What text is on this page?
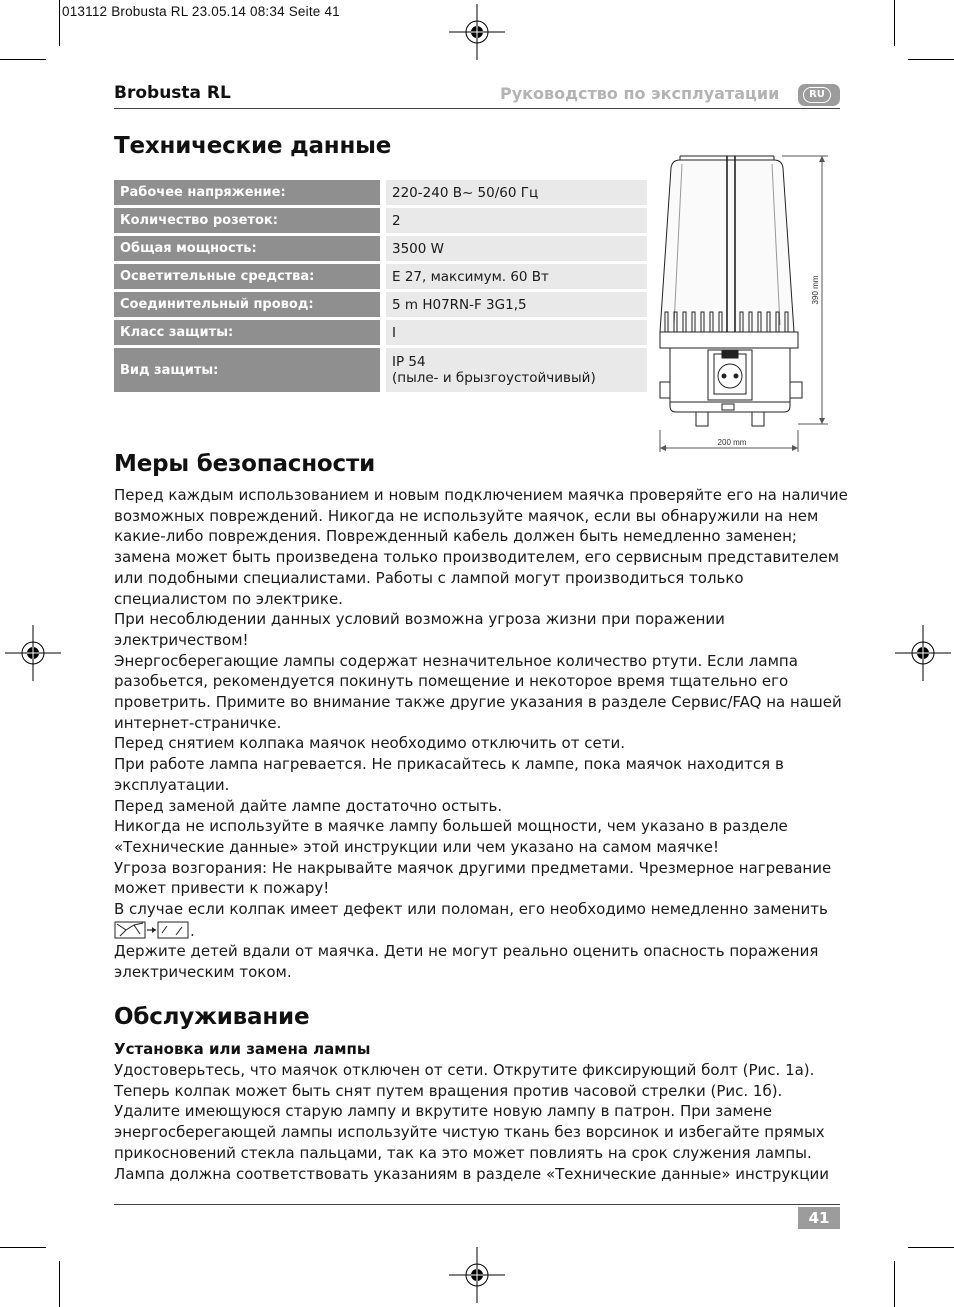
013112 Brobusta RL 23.05.14 08:34 Seite 41
Brobusta RL	Руководство по эксплуатации	RU
Технические данные
Рабочее напряжение:	220-240 В~ 50/60 Гц
Количество розеток:	2
Общая мощность:	3500 W
Осветительные средства:	E 27, максимум. 60 Вт
Соединительный провод:	5 m H07RN-F 3G1,5
Класс защиты:	I
Вид защиты:	IP 54
(пыле- и брызгоустойчивый)
200 mm
390 mm
Меры безопасности

Перед каждым использованием и новым подключением маячка проверяйте его на наличие возможных повреждений. Никогда не используйте маячок, если вы обнаружили на нем какие-либо повреждения. Поврежденный кабель должен быть немедленно заменен; замена может быть произведена только производителем, его сервисным представителем или подобными специалистами. Работы с лампой могут производиться только специалистом по электрике.

При несоблюдении данных условий возможна угроза жизни при поражении электричеством!

Энергосберегающие лампы содержат незначительное количество ртути. Если лампа разобьется, рекомендуется покинуть помещение и некоторое время тщательно его проветрить. Примите во внимание также другие указания в разделе Сервис/FAQ на нашей интернет-страничке.

Перед снятием колпака маячок необходимо отключить от сети.

При работе лампа нагревается. Не прикасайтесь к лампе, пока маячок находится в эксплуатации.

Перед заменой дайте лампе достаточно остыть.

Никогда не используйте в маячке лампу большей мощности, чем указано в разделе «Технические данные» этой инструкции или чем указано на самом маячке!

Угроза возгорания: Не накрывайте маячок другими предметами. Чрезмерное нагревание может привести к пожару!

В случае если колпак имеет дефект или поломан, его необходимо немедленно заменить

.

Держите детей вдали от маячка. Дети не могут реально оценить опасность поражения электрическим током.

Обслуживание
Установка или замена лампы

Удостоверьтесь, что маячок отключен от сети. Открутите фиксирующий болт (Рис. 1a).

Теперь колпак может быть снят путем вращения против часовой стрелки (Рис. 1б).

Удалите имеющуюся старую лампу и вкрутите новую лампу в патрон. При замене энергосберегающей лампы используйте чистую ткань без ворсинок и избегайте прямых прикосновений стекла пальцами, так ка это может повлиять на срок служения лампы. Лампа должна соответствовать указаниям в разделе «Технические данные» инструкции

41
